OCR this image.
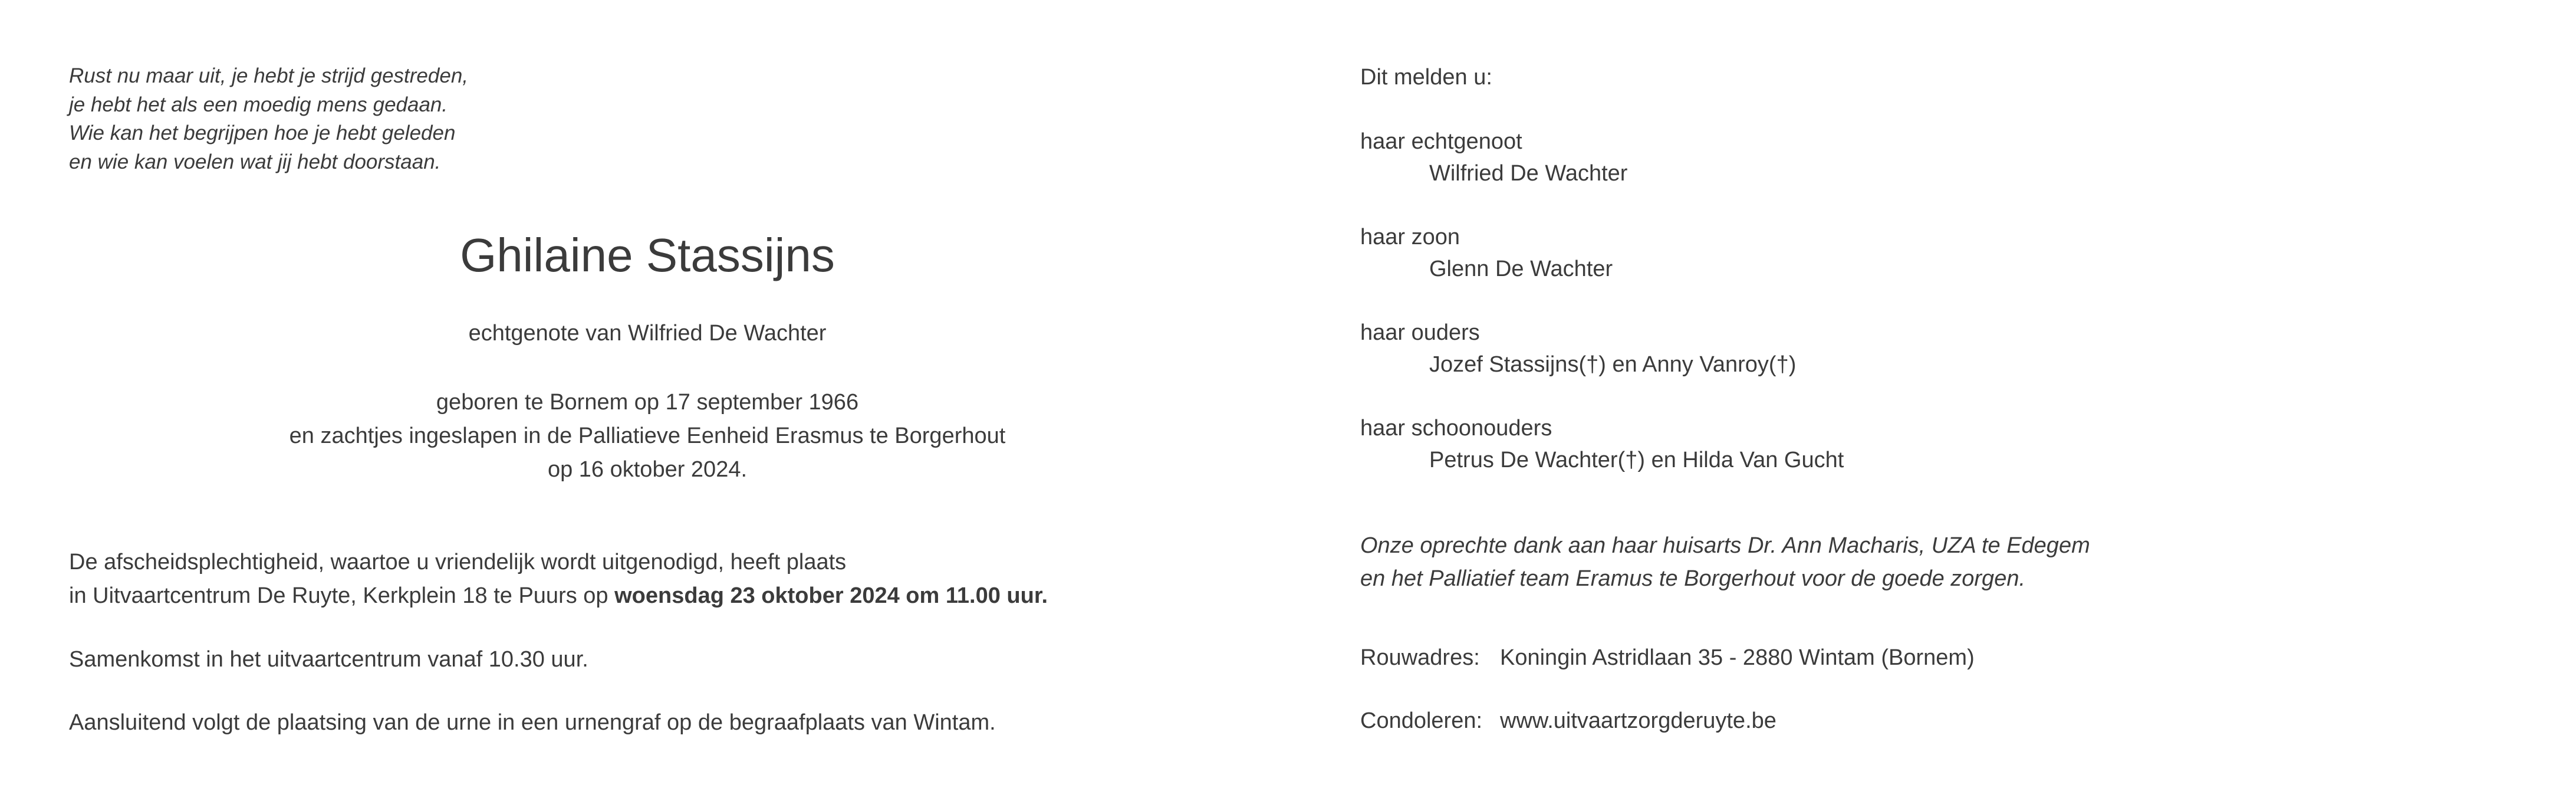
Rust nu maar uit, je hebt je strijd gestreden,
je hebt het als een moedig mens gedaan.
Wie kan het begrijpen hoe je hebt geleden
en wie kan voelen wat jij hebt doorstaan.
Ghilaine Stassijns
echtgenote van Wilfried De Wachter
geboren te Bornem op 17 september 1966
en zachtjes ingeslapen in de Palliatieve Eenheid Erasmus te Borgerhout
op 16 oktober 2024.
De afscheidsplechtigheid, waartoe u vriendelijk wordt uitgenodigd, heeft plaats
in Uitvaartcentrum De Ruyte, Kerkplein 18 te Puurs op woensdag 23 oktober 2024 om 11.00 uur.
Samenkomst in het uitvaartcentrum vanaf 10.30 uur.
Aansluitend volgt de plaatsing van de urne in een urnengraf op de begraafplaats van Wintam.
Dit melden u:
haar echtgenoot
Wilfried De Wachter
haar zoon
Glenn De Wachter
haar ouders
Jozef Stassijns(†) en Anny Vanroy(†)
haar schoonouders
Petrus De Wachter(†) en Hilda Van Gucht
Onze oprechte dank aan haar huisarts Dr. Ann Macharis, UZA te Edegem
en het Palliatief team Eramus te Borgerhout voor de goede zorgen.
Rouwadres: Koningin Astridlaan 35 - 2880 Wintam (Bornem)
Condoleren: www.uitvaartzorgderuyte.be
